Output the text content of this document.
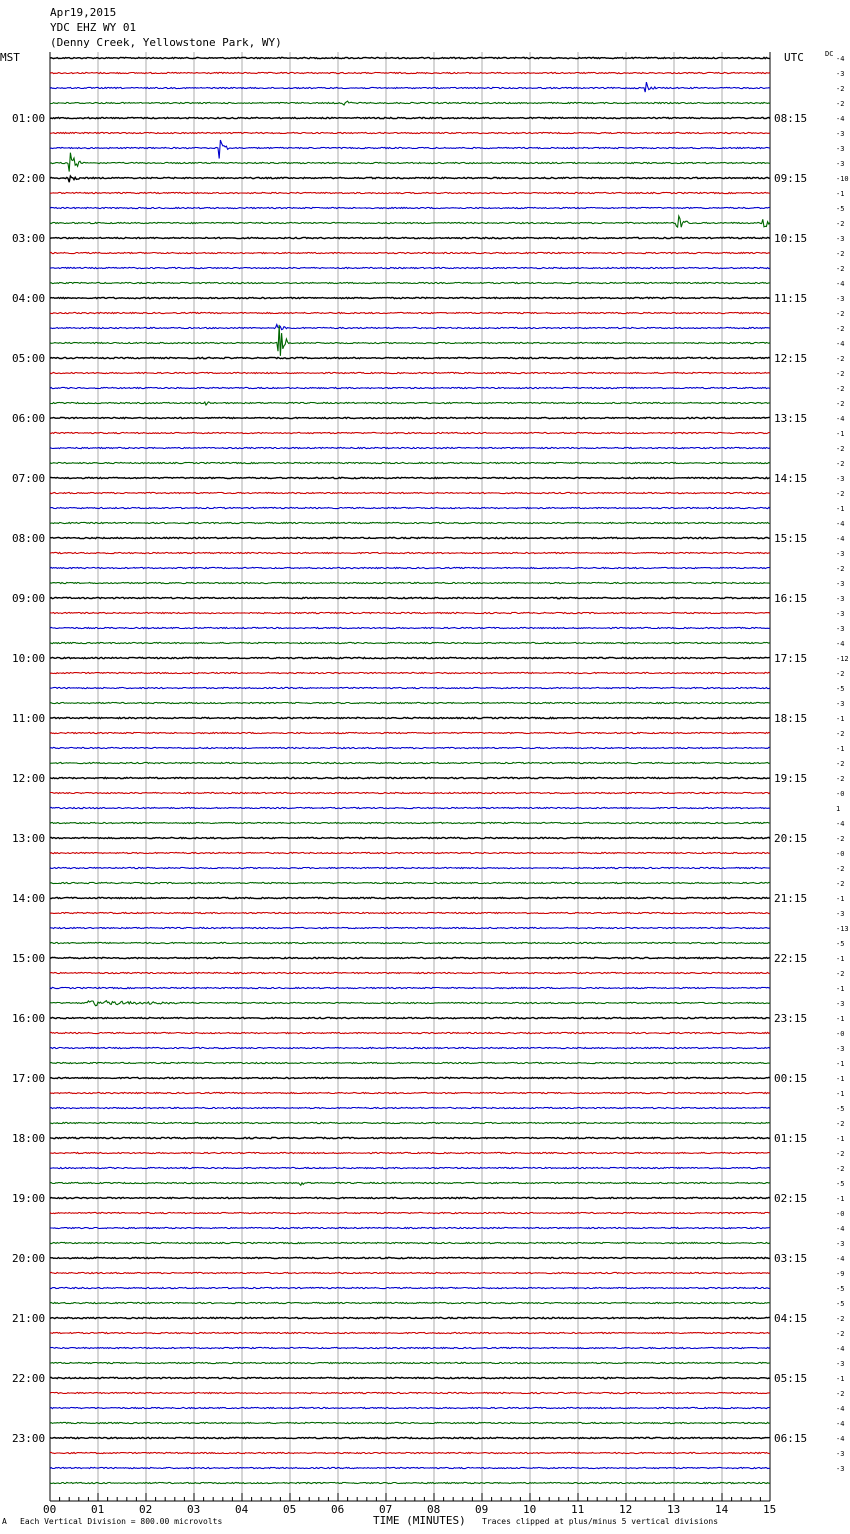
Apr19,2015
YDC EHZ WY 01
(Denny Creek, Yellowstone Park, WY)
MST	UTC	DC
01:00
02:00
03:00
04:00
05:00
06:00
07:00
08:00
09:00
10:00
11:00
12:00
13:00
14:00
15:00
16:00
17:00
18:00
19:00
20:00
21:00
22:00
23:00
08:15
09:15
10:15
11:15
12:15
13:15
14:15
15:15
16:15
17:15
18:15
19:15
20:15
21:15
22:15
23:15
00:15
01:15
02:15
03:15
04:15
05:15
06:15
-4
-3
-2
-2
-4
-3
-3
-3
-10
-1
-5
-2
-3
-2
-2
-4
-3
-2
-2
-4
-2
-2
-2
-2
-4
-1
-2
-2
-3
-2
-1
-4
-4
-3
-2
-3
-3
-3
-3
-4
-12
-2
-5
-3
-1
-2
-1
-2
-2
-0
1
-4
-2
-0
-2
-2
-1
-3
-13
-5
-1
-2
-1
-3
-1
-0
-3
-1
-1
-1
-5
-2
-1
-2
-2
-5
-1
-0
-4
-3
-4
-9
-5
-5
-2
-2
-4
-3
-1
-2
-4
-4
-4
-3
-3
00	01	02	03	04	05	06	07	08	09	10	11	12	13	14	15
A Each Vertical Division = 800.00 microvolts	TIME (MINUTES) Traces clipped at plus/minus 5 vertical divisions
